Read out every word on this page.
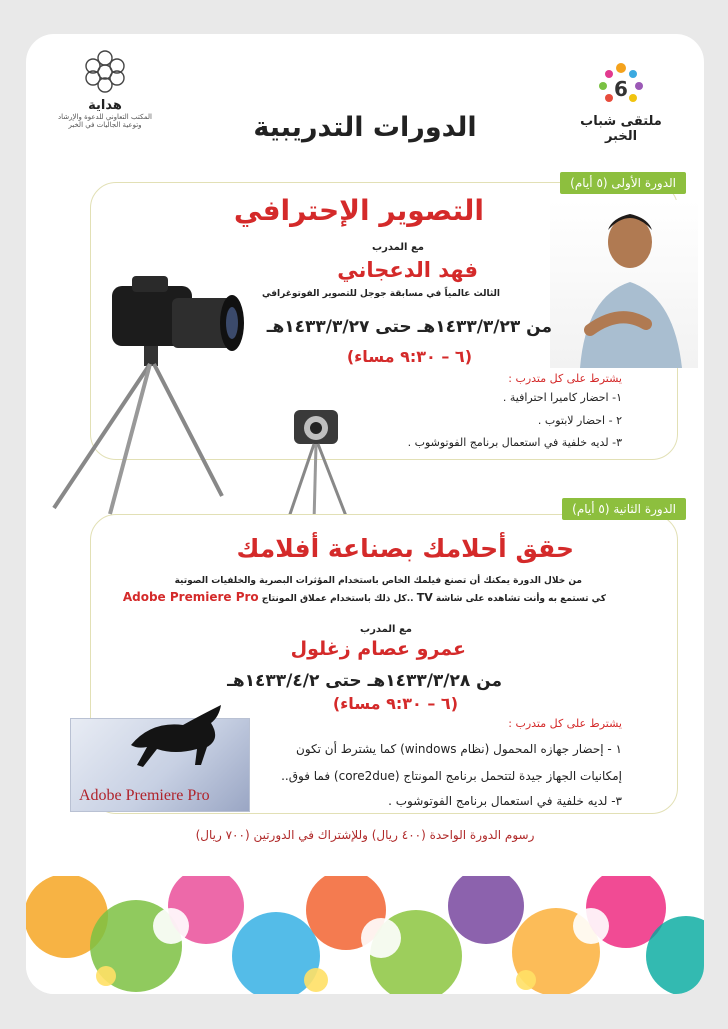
6
ملتقى شباب الخبر
هداية
المكتب التعاوني للدعوة والإرشاد وتوعية الجاليات في الخبر	الدورات التدريبية
الدورة الأولى (٥ أيام)
التصوير الإحترافي
مع المدرب
فهد الدعجاني
الثالث عالمياً في مسابقة جوجل للتصوير الفوتوغرافي
من ١٤٣٣/٣/٢٣هـ حتى ١٤٣٣/٣/٢٧هـ
(٦ – ٩:٣٠ مساء)
يشترط على كل متدرب :
١- احضار كاميرا احترافية .
٢ - احضار لابتوب .
٣- لديه خلفية في استعمال برنامج الفوتوشوب .
الدورة الثانية (٥ أيام)
حقق أحلامك بصناعة أفلامك
من خلال الدورة يمكنك أن تصنع فيلمك الخاص باستخدام المؤثرات البصرية والخلفيات الصوتية
كي تستمع به وأنت تشاهده على شاشة TV ..كل ذلك باستخدام عملاق المونتاج Adobe Premiere Pro
مع المدرب
عمرو عصام زغلول
من ١٤٣٣/٣/٢٨هـ حتى ١٤٣٣/٤/٢هـ
(٦ – ٩:٣٠ مساء)
Adobe Premiere Pro
يشترط على كل متدرب :
١ - إحضار جهازه المحمول (نظام windows) كما يشترط أن تكون
إمكانيات الجهاز جيدة لتتحمل برنامج المونتاج (core2due) فما فوق..
٣- لديه خلفية في استعمال برنامج الفوتوشوب .
رسوم الدورة الواحدة (٤٠٠ ريال) وللإشتراك في الدورتين (٧٠٠ ريال)
